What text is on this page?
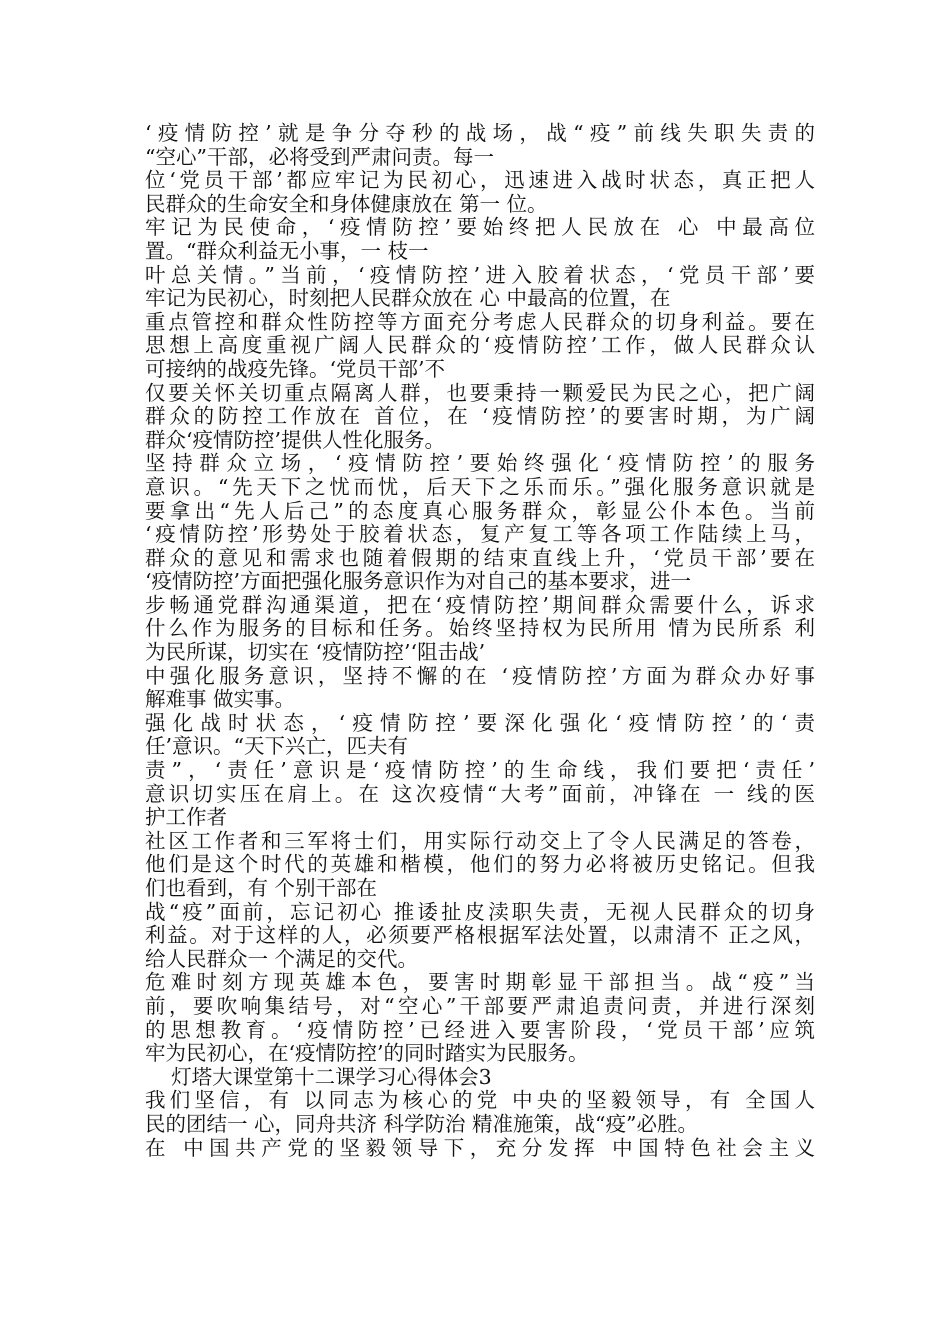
‘疫情防控’就是争分夺秒的战场，战“疫”前线失职失责的
“空心”干部，必将受到严肃问责。每一
位‘党员干部’都应牢记为民初心，迅速进入战时状态，真正把人
民群众的生命安全和身体健康放在 第一 位。
牢记为民使命，‘疫情防控’要始终把人民放在 心 中最高位
置。“群众利益无小事，一 枝一
叶总关情。”当前，‘疫情防控’进入胶着状态，‘党员干部’要
牢记为民初心，时刻把人民群众放在 心 中最高的位置，在
重点管控和群众性防控等方面充分考虑人民群众的切身利益。要在
思想上高度重视广阔人民群众的‘疫情防控’工作，做人民群众认
可接纳的战疫先锋。‘党员干部’不
仅要关怀关切重点隔离人群，也要秉持一颗爱民为民之心，把广阔
群众的防控工作放在 首位，在 ‘疫情防控’的要害时期，为广阔
群众‘疫情防控’提供人性化服务。
坚持群众立场，‘疫情防控’要始终强化‘疫情防控’的服务
意识。“先天下之忧而忧，后天下之乐而乐。”强化服务意识就是
要拿出“先人后己”的态度真心服务群众，彰显公仆本色。当前
‘疫情防控’形势处于胶着状态，复产复工等各项工作陆续上马，
群众的意见和需求也随着假期的结束直线上升，‘党员干部’要在
‘疫情防控’方面把强化服务意识作为对自己的基本要求，进一
步畅通党群沟通渠道，把在‘疫情防控’期间群众需要什么，诉求
什么作为服务的目标和任务。始终坚持权为民所用 情为民所系 利
为民所谋，切实在 ‘疫情防控’‘阻击战’
中强化服务意识，坚持不懈的在 ‘疫情防控’方面为群众办好事
解难事 做实事。
强化战时状态，‘疫情防控’要深化强化‘疫情防控’的‘责
任’意识。“天下兴亡，匹夫有
责”，‘责任’意识是‘疫情防控’的生命线，我们要把‘责任’
意识切实压在肩上。在 这次疫情“大考”面前，冲锋在 一 线的医
护工作者
社区工作者和三军将士们，用实际行动交上了令人民满足的答卷，
他们是这个时代的英雄和楷模，他们的努力必将被历史铭记。但我
们也看到，有 个别干部在
战“疫”面前，忘记初心 推诿扯皮渎职失责，无视人民群众的切身
利益。对于这样的人，必须要严格根据军法处置，以肃清不 正之风，
给人民群众一 个满足的交代。
危难时刻方现英雄本色，要害时期彰显干部担当。战“疫”当
前，要吹响集结号，对“空心”干部要严肃追责问责，并进行深刻
的思想教育。‘疫情防控’已经进入要害阶段，‘党员干部’应筑
牢为民初心，在‘疫情防控’的同时踏实为民服务。
灯塔大课堂第十二课学习心得体会3
我们坚信，有 以同志为核心的党 中央的坚毅领导，有 全国人
民的团结一 心，同舟共济 科学防治 精准施策，战“疫”必胜。
在 中国共产党的坚毅领导下，充分发挥 中国特色社会主义
